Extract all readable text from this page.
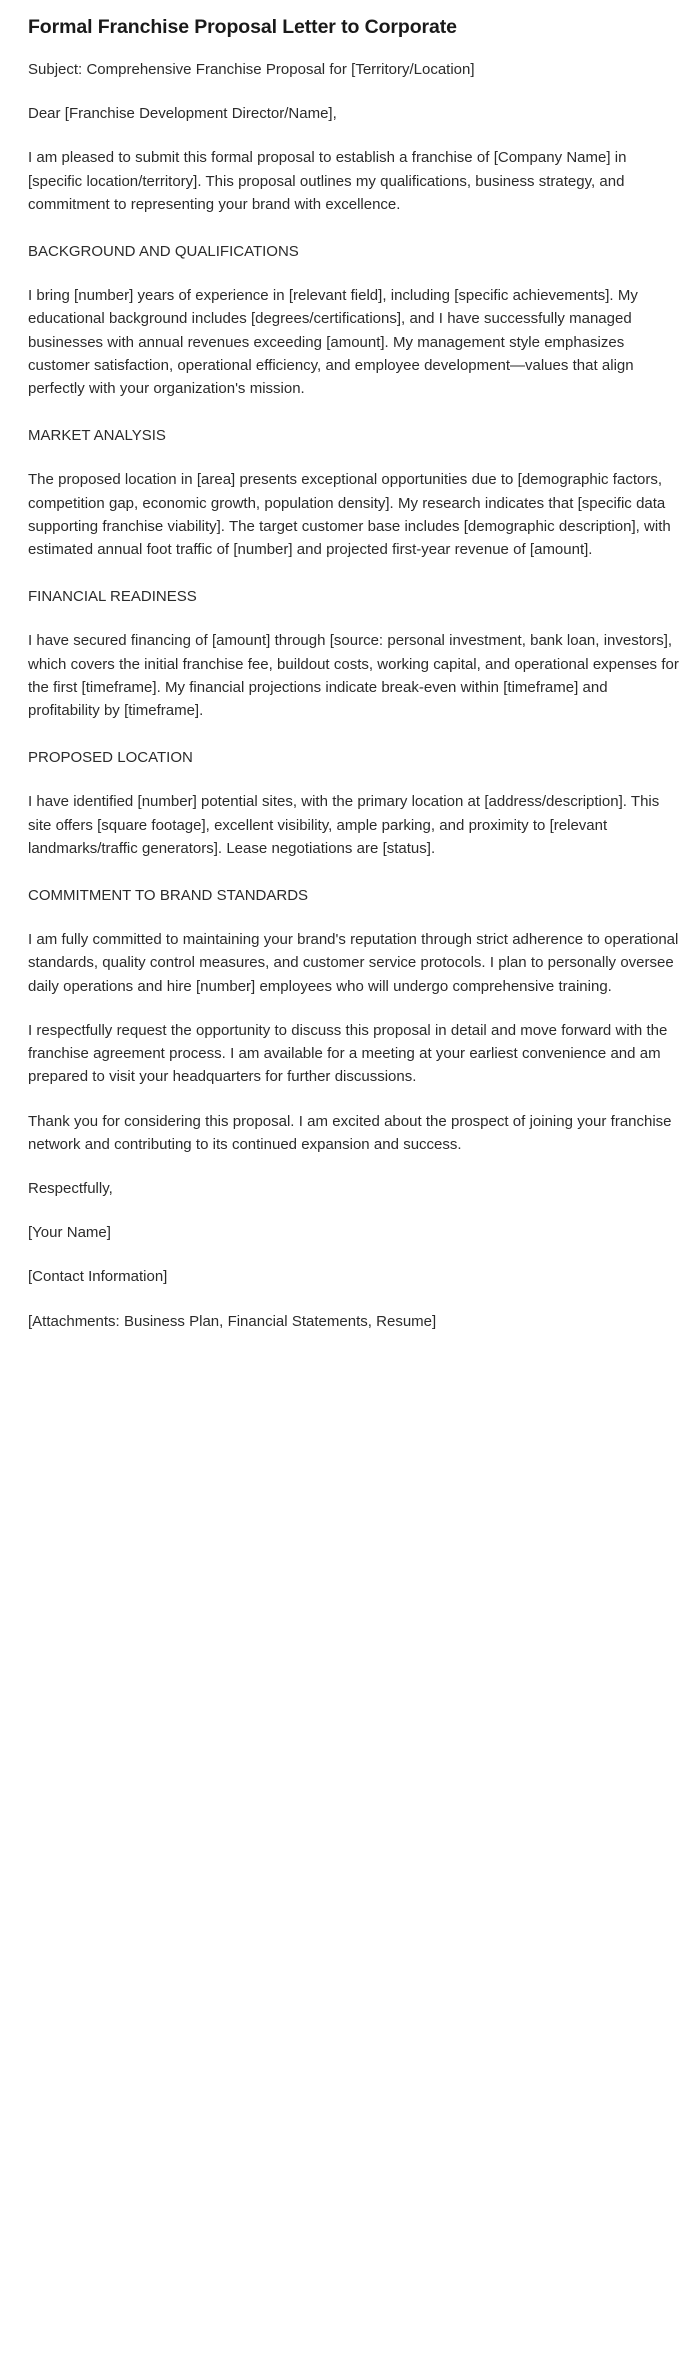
Formal Franchise Proposal Letter to Corporate

Subject: Comprehensive Franchise Proposal for [Territory/Location]

Dear [Franchise Development Director/Name],

I am pleased to submit this formal proposal to establish a franchise of [Company Name] in [specific location/territory]. This proposal outlines my qualifications, business strategy, and commitment to representing your brand with excellence.

BACKGROUND AND QUALIFICATIONS

I bring [number] years of experience in [relevant field], including [specific achievements]. My educational background includes [degrees/certifications], and I have successfully managed businesses with annual revenues exceeding [amount]. My management style emphasizes customer satisfaction, operational efficiency, and employee development—values that align perfectly with your organization's mission.

MARKET ANALYSIS

The proposed location in [area] presents exceptional opportunities due to [demographic factors, competition gap, economic growth, population density]. My research indicates that [specific data supporting franchise viability]. The target customer base includes [demographic description], with estimated annual foot traffic of [number] and projected first-year revenue of [amount].

FINANCIAL READINESS

I have secured financing of [amount] through [source: personal investment, bank loan, investors], which covers the initial franchise fee, buildout costs, working capital, and operational expenses for the first [timeframe]. My financial projections indicate break-even within [timeframe] and profitability by [timeframe].

PROPOSED LOCATION

I have identified [number] potential sites, with the primary location at [address/description]. This site offers [square footage], excellent visibility, ample parking, and proximity to [relevant landmarks/traffic generators]. Lease negotiations are [status].

COMMITMENT TO BRAND STANDARDS

I am fully committed to maintaining your brand's reputation through strict adherence to operational standards, quality control measures, and customer service protocols. I plan to personally oversee daily operations and hire [number] employees who will undergo comprehensive training.

I respectfully request the opportunity to discuss this proposal in detail and move forward with the franchise agreement process. I am available for a meeting at your earliest convenience and am prepared to visit your headquarters for further discussions.

Thank you for considering this proposal. I am excited about the prospect of joining your franchise network and contributing to its continued expansion and success.

Respectfully,

[Your Name]

[Contact Information]

[Attachments: Business Plan, Financial Statements, Resume]
